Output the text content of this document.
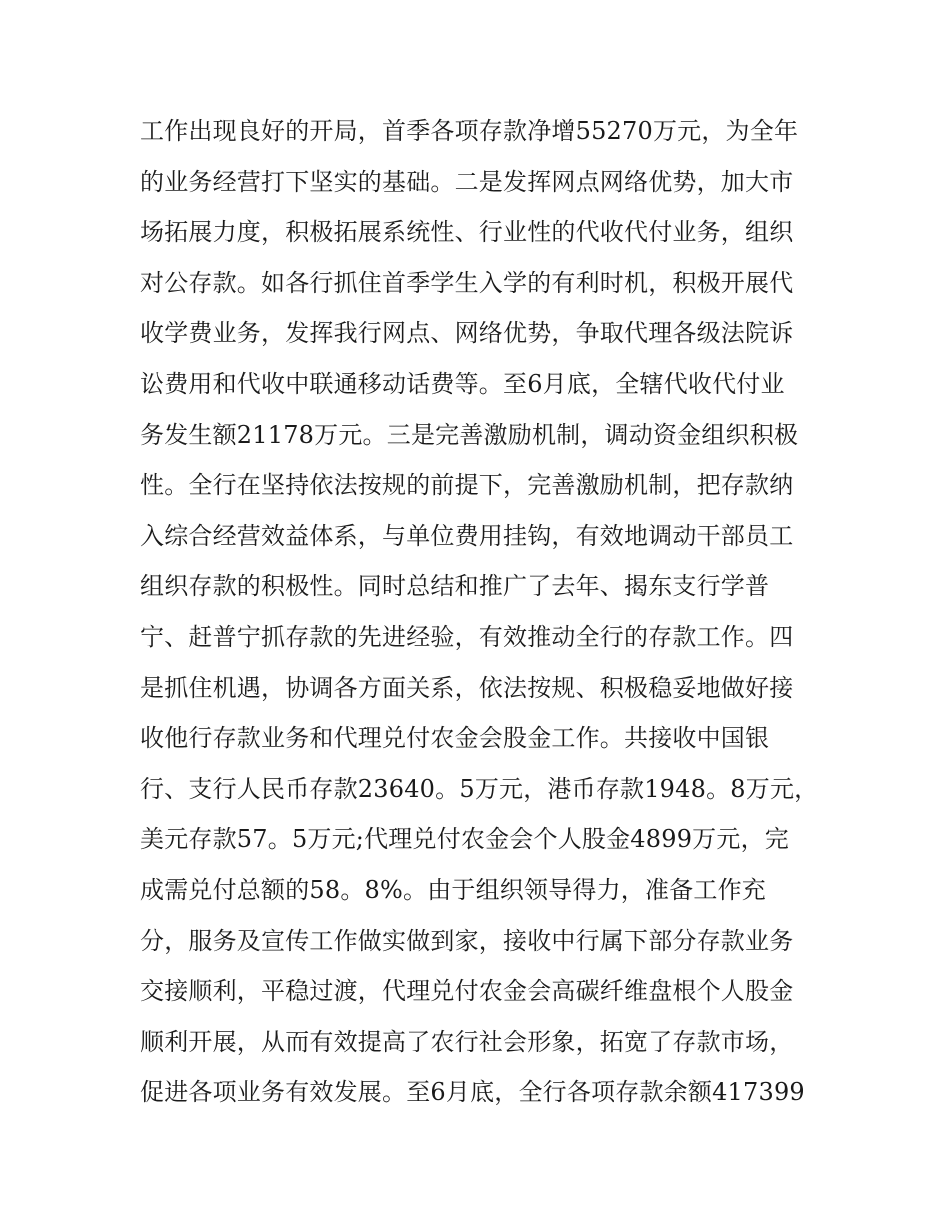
工作出现良好的开局，首季各项存款净增55270万元，为全年
的业务经营打下坚实的基础。二是发挥网点网络优势，加大市
场拓展力度，积极拓展系统性、行业性的代收代付业务，组织
对公存款。如各行抓住首季学生入学的有利时机，积极开展代
收学费业务，发挥我行网点、网络优势，争取代理各级法院诉
讼费用和代收中联通移动话费等。至6月底，全辖代收代付业
务发生额21178万元。三是完善激励机制，调动资金组织积极
性。全行在坚持依法按规的前提下，完善激励机制，把存款纳
入综合经营效益体系，与单位费用挂钩，有效地调动干部员工
组织存款的积极性。同时总结和推广了去年、揭东支行学普
宁、赶普宁抓存款的先进经验，有效推动全行的存款工作。四
是抓住机遇，协调各方面关系，依法按规、积极稳妥地做好接
收他行存款业务和代理兑付农金会股金工作。共接收中国银
行、支行人民币存款23640。5万元，港币存款1948。8万元，
美元存款57。5万元;代理兑付农金会个人股金4899万元，完
成需兑付总额的58。8%。由于组织领导得力，准备工作充
分，服务及宣传工作做实做到家，接收中行属下部分存款业务
交接顺利，平稳过渡，代理兑付农金会高碳纤维盘根个人股金
顺利开展，从而有效提高了农行社会形象，拓宽了存款市场，
促进各项业务有效发展。至6月底，全行各项存款余额417399
